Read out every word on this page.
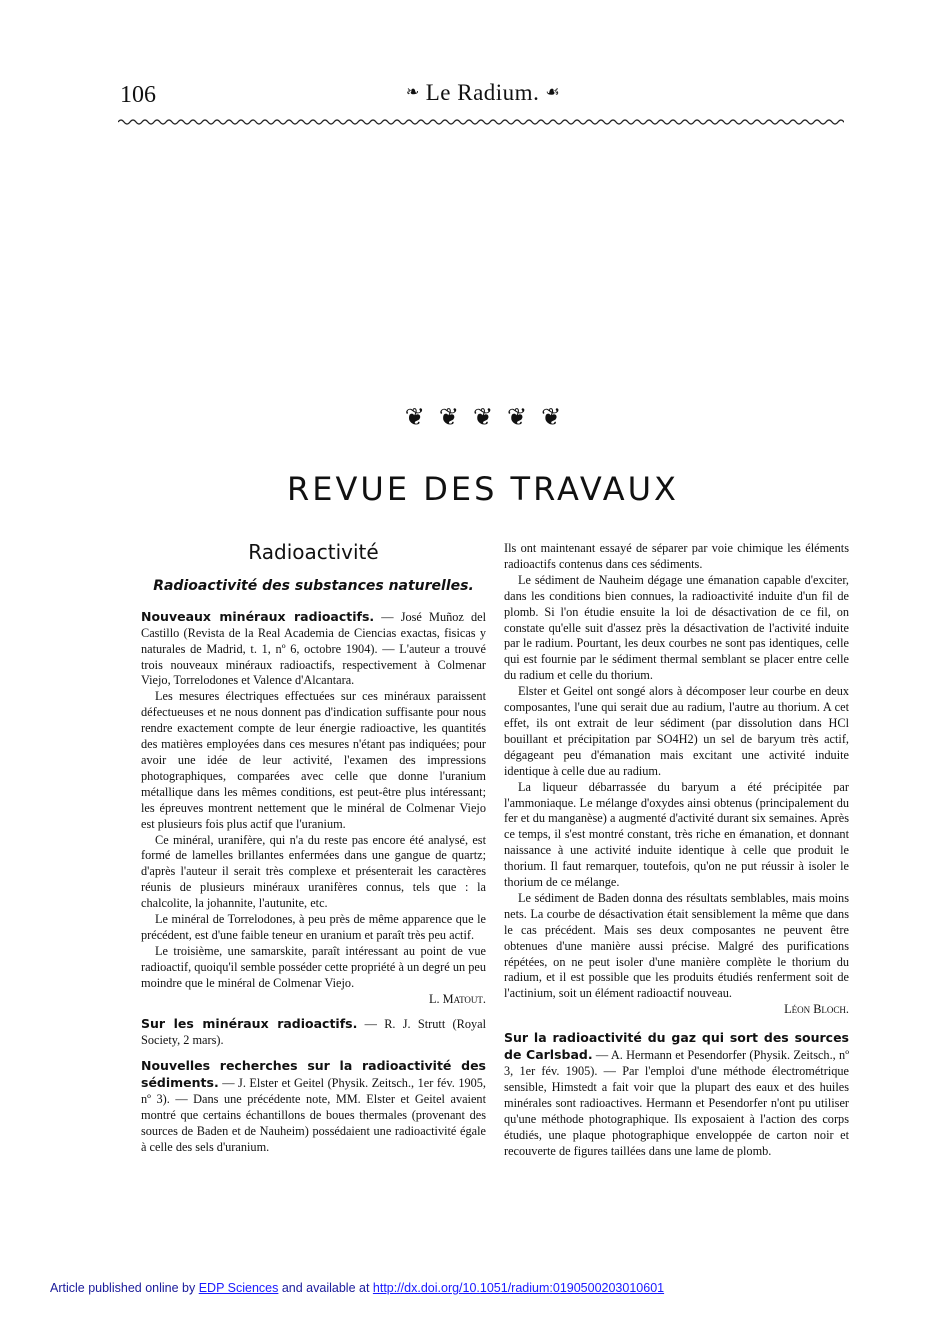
106	❧ Le Radium. ☙
❦❦❦❦❦
REVUE DES TRAVAUX
Radioactivité
Radioactivité des substances naturelles.

Nouveaux minéraux radioactifs. — José Muñoz del Castillo (Revista de la Real Academia de Ciencias exactas, fisicas y naturales de Madrid, t. 1, nº 6, octobre 1904). — L'auteur a trouvé trois nouveaux minéraux radioactifs, respectivement à Colmenar Viejo, Torrelodones et Valence d'Alcantara.

Les mesures électriques effectuées sur ces minéraux paraissent défectueuses et ne nous donnent pas d'indication suffisante pour nous rendre exactement compte de leur énergie radioactive, les quantités des matières employées dans ces mesures n'étant pas indiquées; pour avoir une idée de leur activité, l'examen des impressions photographiques, comparées avec celle que donne l'uranium métallique dans les mêmes conditions, est peut-être plus intéressant; les épreuves montrent nettement que le minéral de Colmenar Viejo est plusieurs fois plus actif que l'uranium.

Ce minéral, uranifère, qui n'a du reste pas encore été analysé, est formé de lamelles brillantes enfermées dans une gangue de quartz; d'après l'auteur il serait très complexe et présenterait les caractères réunis de plusieurs minéraux uranifères connus, tels que : la chalcolite, la johannite, l'autunite, etc.

Le minéral de Torrelodones, à peu près de même apparence que le précédent, est d'une faible teneur en uranium et paraît très peu actif.

Le troisième, une samarskite, paraît intéressant au point de vue radioactif, quoiqu'il semble posséder cette propriété à un degré un peu moindre que le minéral de Colmenar Viejo.

L. Matout.

Sur les minéraux radioactifs. — R. J. Strutt (Royal Society, 2 mars).

Nouvelles recherches sur la radioactivité des sédiments. — J. Elster et Geitel (Physik. Zeitsch., 1er fév. 1905, nº 3). — Dans une précédente note, MM. Elster et Geitel avaient montré que certains échantillons de boues thermales (provenant des sources de Baden et de Nauheim) possédaient une radioactivité égale à celle des sels d'uranium.

Ils ont maintenant essayé de séparer par voie chimique les éléments radioactifs contenus dans ces sédiments.

Le sédiment de Nauheim dégage une émanation capable d'exciter, dans les conditions bien connues, la radioactivité induite d'un fil de plomb. Si l'on étudie ensuite la loi de désactivation de ce fil, on constate qu'elle suit d'assez près la désactivation de l'activité induite par le radium. Pourtant, les deux courbes ne sont pas identiques, celle qui est fournie par le sédiment thermal semblant se placer entre celle du radium et celle du thorium.

Elster et Geitel ont songé alors à décomposer leur courbe en deux composantes, l'une qui serait due au radium, l'autre au thorium. A cet effet, ils ont extrait de leur sédiment (par dissolution dans HCl bouillant et précipitation par SO4H2) un sel de baryum très actif, dégageant peu d'émanation mais excitant une activité induite identique à celle due au radium.

La liqueur débarrassée du baryum a été précipitée par l'ammoniaque. Le mélange d'oxydes ainsi obtenus (principalement du fer et du manganèse) a augmenté d'activité durant six semaines. Après ce temps, il s'est montré constant, très riche en émanation, et donnant naissance à une activité induite identique à celle que produit le thorium. Il faut remarquer, toutefois, qu'on ne put réussir à isoler le thorium de ce mélange.

Le sédiment de Baden donna des résultats semblables, mais moins nets. La courbe de désactivation était sensiblement la même que dans le cas précédent. Mais ses deux composantes ne peuvent être obtenues d'une manière aussi précise. Malgré des purifications répétées, on ne peut isoler d'une manière complète le thorium du radium, et il est possible que les produits étudiés renferment soit de l'actinium, soit un élément radioactif nouveau.

Léon Bloch.

Sur la radioactivité du gaz qui sort des sources de Carlsbad. — A. Hermann et Pesendorfer (Physik. Zeitsch., nº 3, 1er fév. 1905). — Par l'emploi d'une méthode électrométrique sensible, Himstedt a fait voir que la plupart des eaux et des huiles minérales sont radioactives. Hermann et Pesendorfer n'ont pu utiliser qu'une méthode photographique. Ils exposaient à l'action des corps étudiés, une plaque photographique enveloppée de carton noir et recouverte de figures taillées dans une lame de plomb.

Article published online by EDP Sciences and available at http://dx.doi.org/10.1051/radium:0190500203010601
